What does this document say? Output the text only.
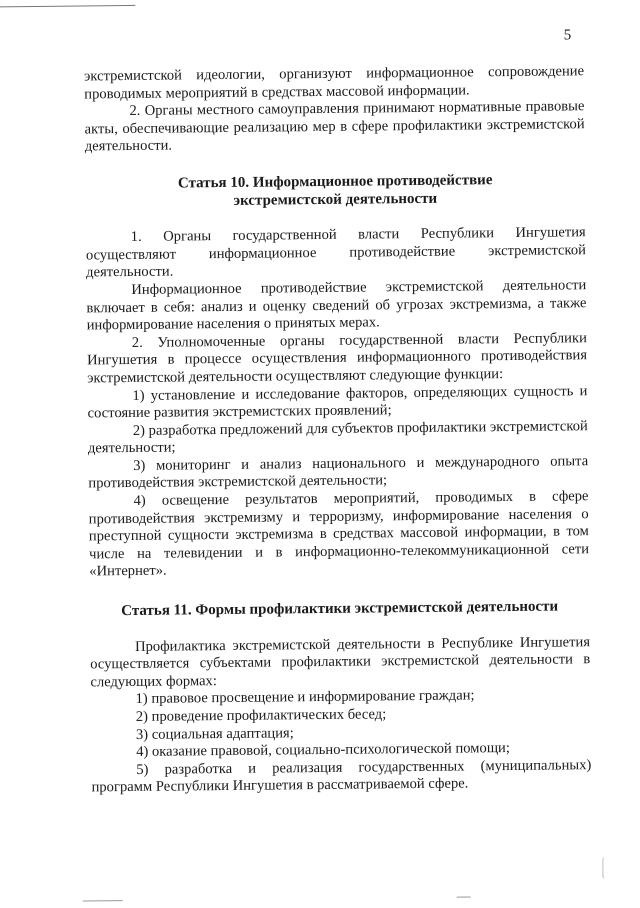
5

экстремистской идеологии, организуют информационное сопровождение проводимых мероприятий в средствах массовой информации.

2. Органы местного самоуправления принимают нормативные правовые акты, обеспечивающие реализацию мер в сфере профилактики экстремистской деятельности.

Статья 10. Информационное противодействие
экстремистской деятельности

1. Органы государственной власти Республики Ингушетия осуществляют информационное противодействие экстремистской деятельности.

Информационное противодействие экстремистской деятельности включает в себя: анализ и оценку сведений об угрозах экстремизма, а также информирование населения о принятых мерах.

2. Уполномоченные органы государственной власти Республики Ингушетия в процессе осуществления информационного противодействия экстремистской деятельности осуществляют следующие функции:

1) установление и исследование факторов, определяющих сущность и состояние развития экстремистских проявлений;

2) разработка предложений для субъектов профилактики экстремистской деятельности;

3) мониторинг и анализ национального и международного опыта противодействия экстремистской деятельности;

4) освещение результатов мероприятий, проводимых в сфере противодействия экстремизму и терроризму, информирование населения о преступной сущности экстремизма в средствах массовой информации, в том числе на телевидении и в информационно-телекоммуникационной сети «Интернет».

Статья 11. Формы профилактики экстремистской деятельности

Профилактика экстремистской деятельности в Республике Ингушетия осуществляется субъектами профилактики экстремистской деятельности в следующих формах:

1) правовое просвещение и информирование граждан;

2) проведение профилактических бесед;

3) социальная адаптация;

4) оказание правовой, социально-психологической помощи;

5) разработка и реализация государственных (муниципальных) программ Республики Ингушетия в рассматриваемой сфере.
